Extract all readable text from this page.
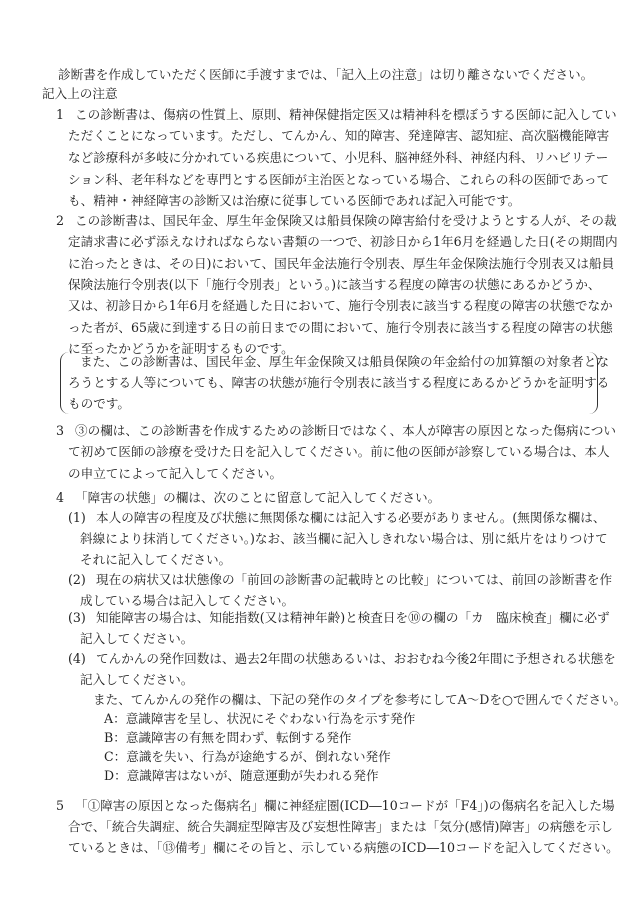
診断書を作成していただく医師に手渡すまでは、「記入上の注意」は切り離さないでください。
記入上の注意
1 この診断書は、傷病の性質上、原則、精神保健指定医又は精神科を標ぼうする医師に記入してい
ただくことになっています。ただし、てんかん、知的障害、発達障害、認知症、高次脳機能障害
など診療科が多岐に分かれている疾患について、小児科、脳神経外科、神経内科、リハビリテー
ション科、老年科などを専門とする医師が主治医となっている場合、これらの科の医師であって
も、精神・神経障害の診断又は治療に従事している医師であれば記入可能です。
2 この診断書は、国民年金、厚生年金保険又は船員保険の障害給付を受けようとする人が、その裁
定請求書に必ず添えなければならない書類の一つで、初診日から1年6月を経過した日(その期間内
に治ったときは、その日)において、国民年金法施行令別表、厚生年金保険法施行令別表又は船員
保険法施行令別表(以下「施行令別表」という。)に該当する程度の障害の状態にあるかどうか、
又は、初診日から1年6月を経過した日において、施行令別表に該当する程度の障害の状態でなか
った者が、65歳に到達する日の前日までの間において、施行令別表に該当する程度の障害の状態
に至ったかどうかを証明するものです。
また、この診断書は、国民年金、厚生年金保険又は船員保険の年金給付の加算額の対象者とな
ろうとする人等についても、障害の状態が施行令別表に該当する程度にあるかどうかを証明する
ものです。
3 ③の欄は、この診断書を作成するための診断日ではなく、本人が障害の原因となった傷病につい
て初めて医師の診療を受けた日を記入してください。前に他の医師が診察している場合は、本人
の申立てによって記入してください。
4 「障害の状態」の欄は、次のことに留意して記入してください。
(1) 本人の障害の程度及び状態に無関係な欄には記入する必要がありません。(無関係な欄は、
斜線により抹消してください。)なお、該当欄に記入しきれない場合は、別に紙片をはりつけて
それに記入してください。
(2) 現在の病状又は状態像の「前回の診断書の記載時との比較」については、前回の診断書を作
成している場合は記入してください。
(3) 知能障害の場合は、知能指数(又は精神年齢)と検査日を⑩の欄の「カ　臨床検査」欄に必ず
記入してください。
(4) てんかんの発作回数は、過去2年間の状態あるいは、おおむね今後2年間に予想される状態を
記入してください。
また、てんかんの発作の欄は、下記の発作のタイプを参考にしてA〜Dを○で囲んでください。
A：意識障害を呈し、状況にそぐわない行為を示す発作
B：意識障害の有無を問わず、転倒する発作
C：意識を失い、行為が途絶するが、倒れない発作
D：意識障害はないが、随意運動が失われる発作
5 「①障害の原因となった傷病名」欄に神経症圏(ICD―10コードが「F4」)の傷病名を記入した場
合で、「統合失調症、統合失調症型障害及び妄想性障害」または「気分(感情)障害」の病態を示し
ているときは、「⑬備考」欄にその旨と、示している病態のICD―10コードを記入してください。
